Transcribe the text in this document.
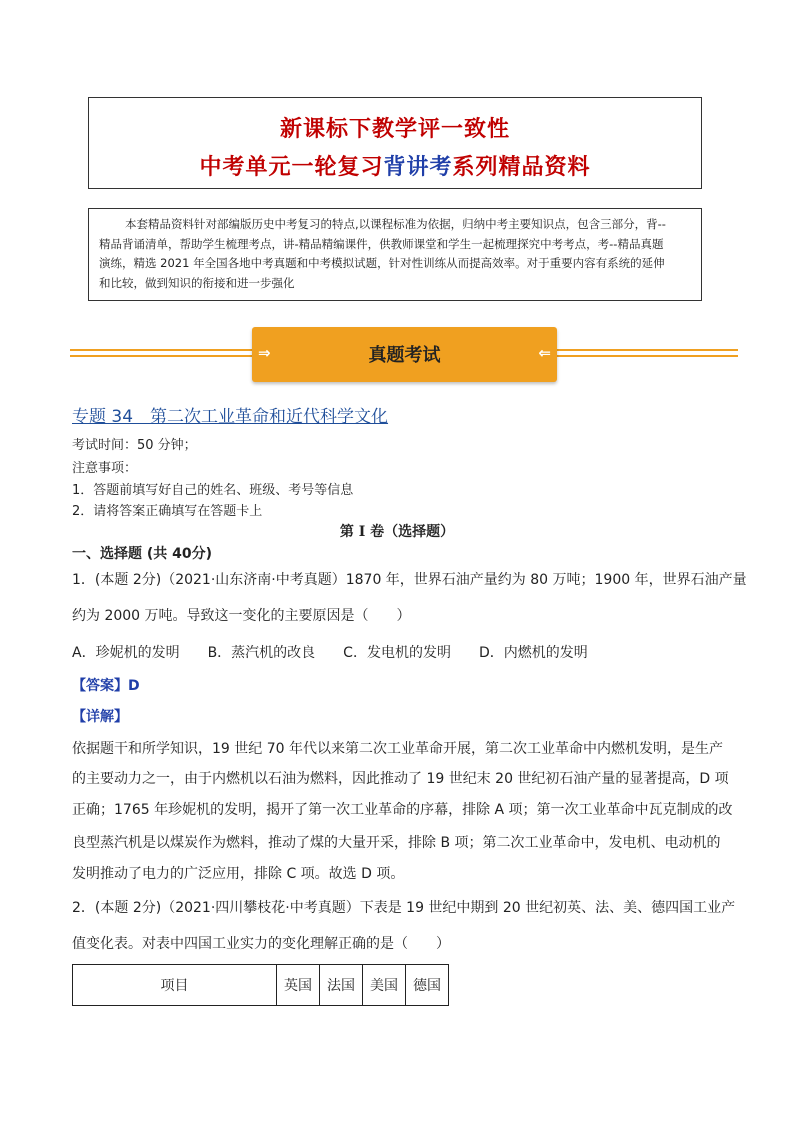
新课标下教学评一致性
中考单元一轮复习背讲考系列精品资料
本套精品资料针对部编版历史中考复习的特点,以课程标准为依据，归纳中考主要知识点，包含三部分，背--
精品背诵清单，帮助学生梳理考点，讲-精品精编课件，供教师课堂和学生一起梳理探究中考考点，考--精品真题
演练，精选 2021 年全国各地中考真题和中考模拟试题，针对性训练从而提高效率。对于重要内容有系统的延伸
和比较，做到知识的衔接和进一步强化
⇒	真题考试	⇐
专题 34　第二次工业革命和近代科学文化
考试时间：50 分钟；
注意事项：
1．答题前填写好自己的姓名、班级、考号等信息
2．请将答案正确填写在答题卡上
第 I 卷（选择题）
一、选择题 (共 40分)
1．(本题 2分)（2021·山东济南·中考真题）1870 年，世界石油产量约为 80 万吨；1900 年，世界石油产量
约为 2000 万吨。导致这一变化的主要原因是（　　）
A．珍妮机的发明　　B．蒸汽机的改良　　C．发电机的发明　　D．内燃机的发明
【答案】D
【详解】
依据题干和所学知识，19 世纪 70 年代以来第二次工业革命开展，第二次工业革命中内燃机发明，是生产
的主要动力之一，由于内燃机以石油为燃料，因此推动了 19 世纪末 20 世纪初石油产量的显著提高，D 项
正确；1765 年珍妮机的发明，揭开了第一次工业革命的序幕，排除 A 项；第一次工业革命中瓦克制成的改
良型蒸汽机是以煤炭作为燃料，推动了煤的大量开采，排除 B 项；第二次工业革命中，发电机、电动机的
发明推动了电力的广泛应用，排除 C 项。故选 D 项。
2．(本题 2分)（2021·四川攀枝花·中考真题）下表是 19 世纪中期到 20 世纪初英、法、美、德四国工业产
值变化表。对表中四国工业实力的变化理解正确的是（　　）
项目	英国	法国	美国	德国
